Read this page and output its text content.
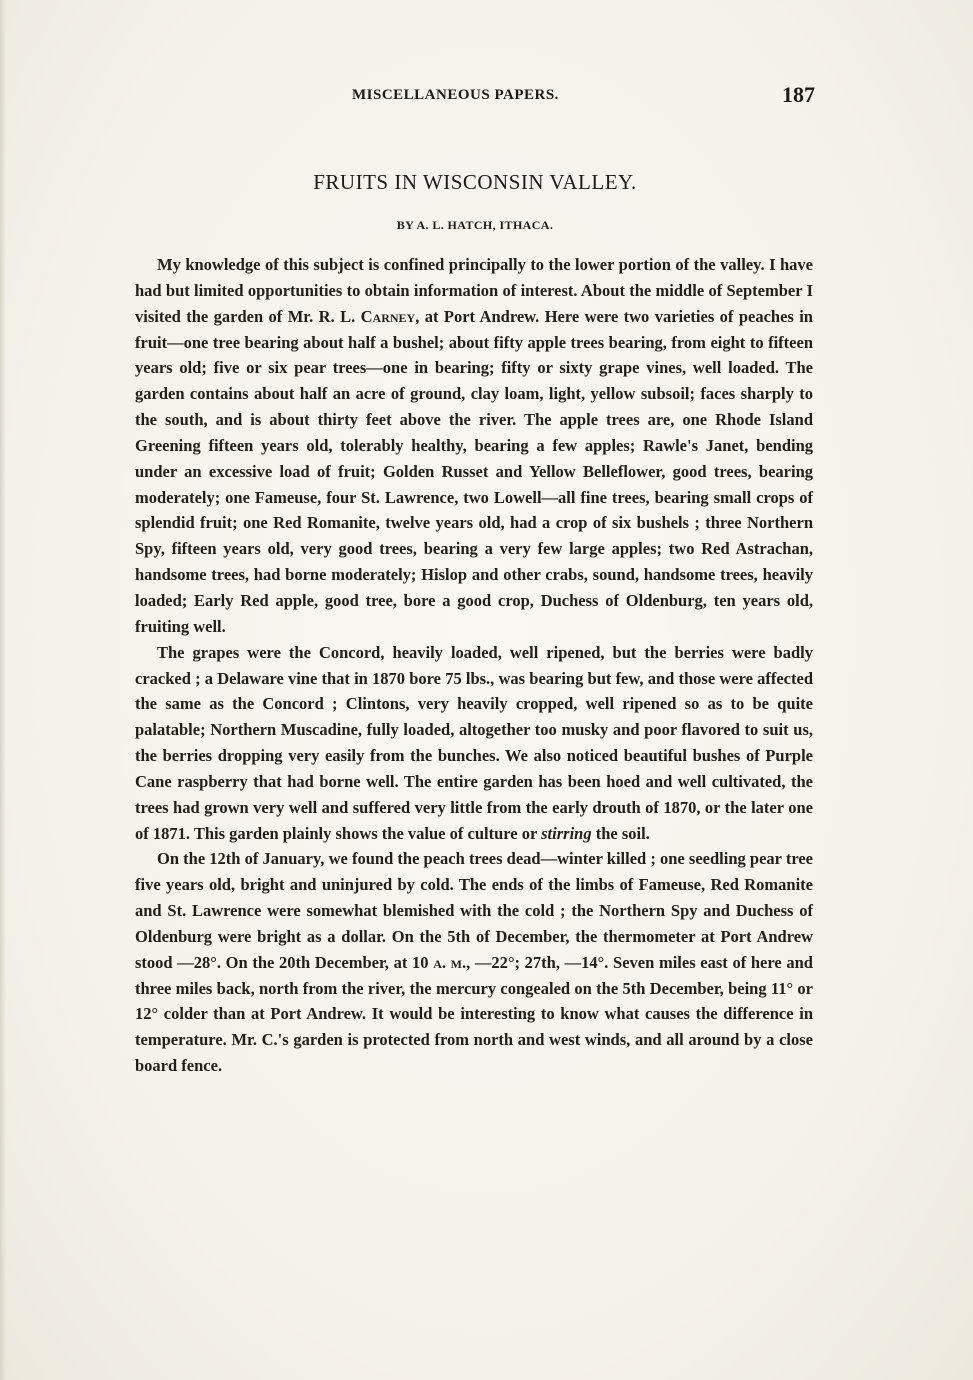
MISCELLANEOUS PAPERS.	187
FRUITS IN WISCONSIN VALLEY.
BY A. L. HATCH, ITHACA.

My knowledge of this subject is confined principally to the lower portion of the valley. I have had but limited opportunities to obtain information of interest. About the middle of September I visited the garden of Mr. R. L. Carney, at Port Andrew. Here were two varieties of peaches in fruit—one tree bearing about half a bushel; about fifty apple trees bearing, from eight to fifteen years old; five or six pear trees—one in bearing; fifty or sixty grape vines, well loaded. The garden contains about half an acre of ground, clay loam, light, yellow subsoil; faces sharply to the south, and is about thirty feet above the river. The apple trees are, one Rhode Island Greening fifteen years old, tolerably healthy, bearing a few apples; Rawle's Janet, bending under an excessive load of fruit; Golden Russet and Yellow Belleflower, good trees, bearing moderately; one Fameuse, four St. Lawrence, two Lowell—all fine trees, bearing small crops of splendid fruit; one Red Romanite, twelve years old, had a crop of six bushels ; three Northern Spy, fifteen years old, very good trees, bearing a very few large apples; two Red Astrachan, handsome trees, had borne moderately; Hislop and other crabs, sound, handsome trees, heavily loaded; Early Red apple, good tree, bore a good crop, Duchess of Oldenburg, ten years old, fruiting well.

The grapes were the Concord, heavily loaded, well ripened, but the berries were badly cracked ; a Delaware vine that in 1870 bore 75 lbs., was bearing but few, and those were affected the same as the Concord ; Clintons, very heavily cropped, well ripened so as to be quite palatable; Northern Muscadine, fully loaded, altogether too musky and poor flavored to suit us, the berries dropping very easily from the bunches. We also noticed beautiful bushes of Purple Cane raspberry that had borne well. The entire garden has been hoed and well cultivated, the trees had grown very well and suffered very little from the early drouth of 1870, or the later one of 1871. This garden plainly shows the value of culture or stirring the soil.

On the 12th of January, we found the peach trees dead—winter killed ; one seedling pear tree five years old, bright and uninjured by cold. The ends of the limbs of Fameuse, Red Romanite and St. Lawrence were somewhat blemished with the cold ; the Northern Spy and Duchess of Oldenburg were bright as a dollar. On the 5th of December, the thermometer at Port Andrew stood —28°. On the 20th December, at 10 a. m., —22°; 27th, —14°. Seven miles east of here and three miles back, north from the river, the mercury congealed on the 5th December, being 11° or 12° colder than at Port Andrew. It would be interesting to know what causes the difference in temperature. Mr. C.'s garden is protected from north and west winds, and all around by a close board fence.
